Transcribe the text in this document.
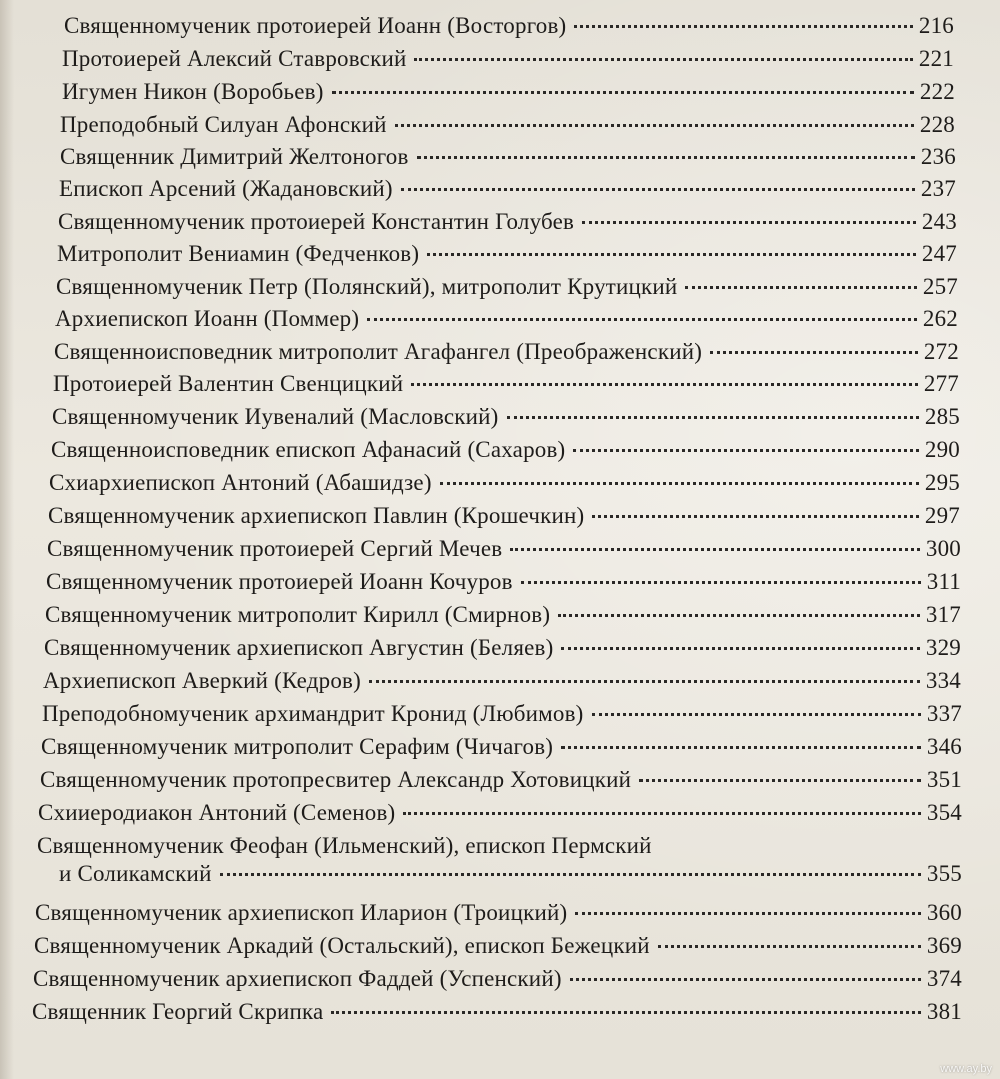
Священномученик протоиерей Иоанн (Восторгов)	216
Протоиерей Алексий Ставровский	221
Игумен Никон (Воробьев)	222
Преподобный Силуан Афонский	228
Священник Димитрий Желтоногов	236
Епископ Арсений (Жадановский)	237
Священномученик протоиерей Константин Голубев	243
Митрополит Вениамин (Федченков)	247
Священномученик Петр (Полянский), митрополит Крутицкий	257
Архиепископ Иоанн (Поммер)	262
Священноисповедник митрополит Агафангел (Преображенский)	272
Протоиерей Валентин Свенцицкий	277
Священномученик Иувеналий (Масловский)	285
Священноисповедник епископ Афанасий (Сахаров)	290
Схиархиепископ Антоний (Абашидзе)	295
Священномученик архиепископ Павлин (Крошечкин)	297
Священномученик протоиерей Сергий Мечев	300
Священномученик протоиерей Иоанн Кочуров	311
Священномученик митрополит Кирилл (Смирнов)	317
Священномученик архиепископ Августин (Беляев)	329
Архиепископ Аверкий (Кедров)	334
Преподобномученик архимандрит Кронид (Любимов)	337
Священномученик митрополит Серафим (Чичагов)	346
Священномученик протопресвитер Александр Хотовицкий	351
Схииеродиакон Антоний (Семенов)	354
Священномученик Феофан (Ильменский), епископ Пермский
и Соликамский	355
Священномученик архиепископ Иларион (Троицкий)	360
Священномученик Аркадий (Остальский), епископ Бежецкий	369
Священномученик архиепископ Фаддей (Успенский)	374
Священник Георгий Скрипка	381
www.ay.by
